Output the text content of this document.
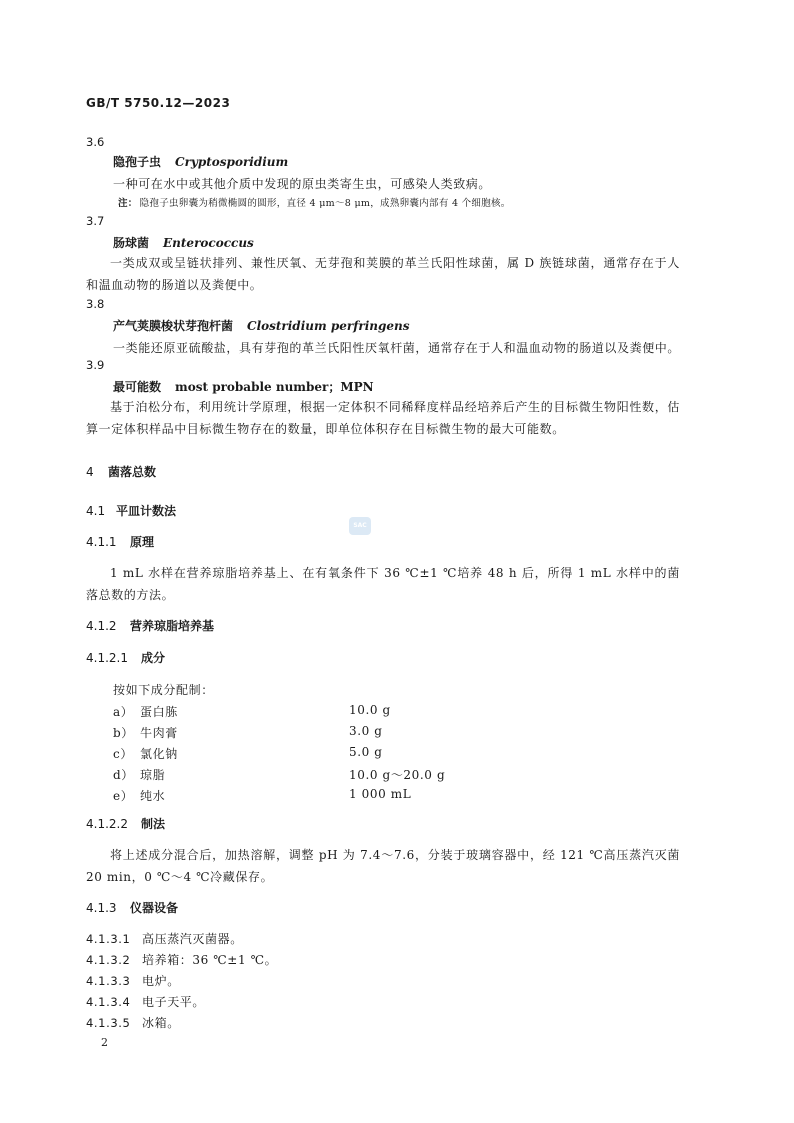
GB/T 5750.12—2023
3.6
隐孢子虫 Cryptosporidium
一种可在水中或其他介质中发现的原虫类寄生虫，可感染人类致病。
注： 隐孢子虫卵囊为稍微椭圆的圆形，直径 4 μm～8 μm，成熟卵囊内部有 4 个细胞核。
3.7
肠球菌 Enterococcus
一类成双或呈链状排列、兼性厌氧、无芽孢和荚膜的革兰氏阳性球菌，属 D 族链球菌，通常存在于人和温血动物的肠道以及粪便中。
3.8
产气荚膜梭状芽孢杆菌 Clostridium perfringens
一类能还原亚硫酸盐，具有芽孢的革兰氏阳性厌氧杆菌，通常存在于人和温血动物的肠道以及粪便中。
3.9
最可能数 most probable number；MPN
基于泊松分布，利用统计学原理，根据一定体积不同稀释度样品经培养后产生的目标微生物阳性数，估算一定体积样品中目标微生物存在的数量，即单位体积存在目标微生物的最大可能数。
4 菌落总数
4.1 平皿计数法
SAC
4.1.1 原理
1 mL 水样在营养琼脂培养基上、在有氧条件下 36 ℃±1 ℃培养 48 h 后，所得 1 mL 水样中的菌落总数的方法。
4.1.2 营养琼脂培养基
4.1.2.1 成分
按如下成分配制：
a） 蛋白胨	10.0 g
b） 牛肉膏	3.0 g
c） 氯化钠	5.0 g
d） 琼脂	10.0 g～20.0 g
e） 纯水	1 000 mL
4.1.2.2 制法
将上述成分混合后，加热溶解，调整 pH 为 7.4～7.6，分装于玻璃容器中，经 121 ℃高压蒸汽灭菌 20 min，0 ℃～4 ℃冷藏保存。
4.1.3 仪器设备
4.1.3.1 高压蒸汽灭菌器。
4.1.3.2 培养箱：36 ℃±1 ℃。
4.1.3.3 电炉。
4.1.3.4 电子天平。
4.1.3.5 冰箱。
2
